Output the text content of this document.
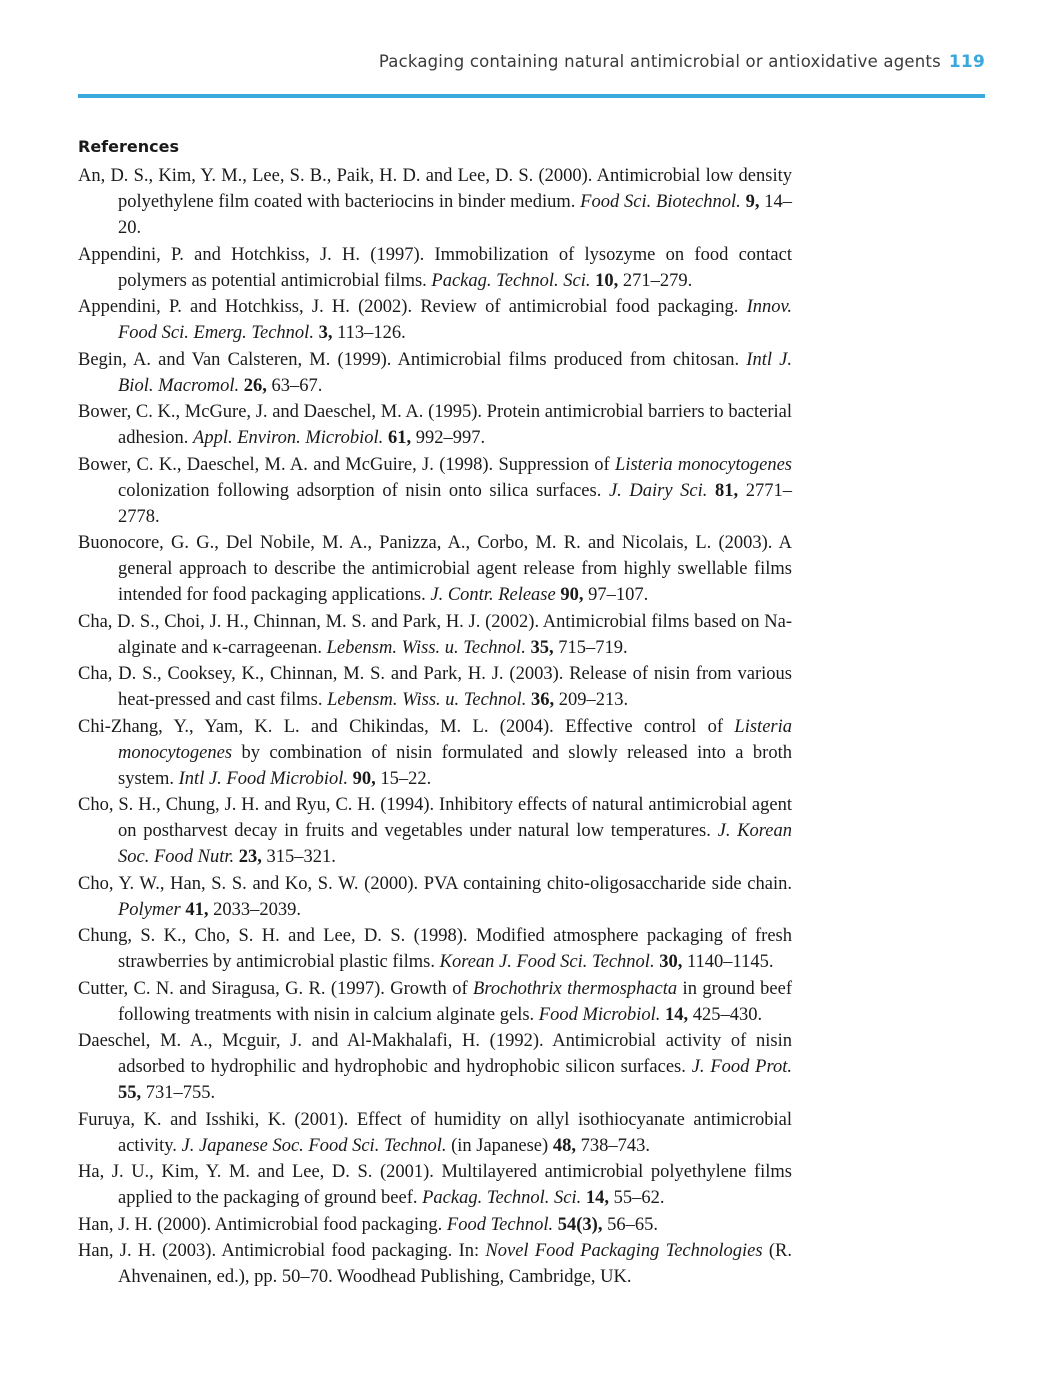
Packaging containing natural antimicrobial or antioxidative agents 119
References
An, D. S., Kim, Y. M., Lee, S. B., Paik, H. D. and Lee, D. S. (2000). Antimicrobial low density polyethylene film coated with bacteriocins in binder medium. Food Sci. Biotechnol. 9, 14–20.
Appendini, P. and Hotchkiss, J. H. (1997). Immobilization of lysozyme on food contact polymers as potential antimicrobial films. Packag. Technol. Sci. 10, 271–279.
Appendini, P. and Hotchkiss, J. H. (2002). Review of antimicrobial food packaging. Innov. Food Sci. Emerg. Technol. 3, 113–126.
Begin, A. and Van Calsteren, M. (1999). Antimicrobial films produced from chitosan. Intl J. Biol. Macromol. 26, 63–67.
Bower, C. K., McGure, J. and Daeschel, M. A. (1995). Protein antimicrobial barriers to bacterial adhesion. Appl. Environ. Microbiol. 61, 992–997.
Bower, C. K., Daeschel, M. A. and McGuire, J. (1998). Suppression of Listeria monocytogenes colonization following adsorption of nisin onto silica surfaces. J. Dairy Sci. 81, 2771–2778.
Buonocore, G. G., Del Nobile, M. A., Panizza, A., Corbo, M. R. and Nicolais, L. (2003). A general approach to describe the antimicrobial agent release from highly swellable films intended for food packaging applications. J. Contr. Release 90, 97–107.
Cha, D. S., Choi, J. H., Chinnan, M. S. and Park, H. J. (2002). Antimicrobial films based on Na-alginate and κ-carrageenan. Lebensm. Wiss. u. Technol. 35, 715–719.
Cha, D. S., Cooksey, K., Chinnan, M. S. and Park, H. J. (2003). Release of nisin from various heat-pressed and cast films. Lebensm. Wiss. u. Technol. 36, 209–213.
Chi-Zhang, Y., Yam, K. L. and Chikindas, M. L. (2004). Effective control of Listeria monocytogenes by combination of nisin formulated and slowly released into a broth system. Intl J. Food Microbiol. 90, 15–22.
Cho, S. H., Chung, J. H. and Ryu, C. H. (1994). Inhibitory effects of natural antimicrobial agent on postharvest decay in fruits and vegetables under natural low temperatures. J. Korean Soc. Food Nutr. 23, 315–321.
Cho, Y. W., Han, S. S. and Ko, S. W. (2000). PVA containing chito-oligosaccharide side chain. Polymer 41, 2033–2039.
Chung, S. K., Cho, S. H. and Lee, D. S. (1998). Modified atmosphere packaging of fresh strawberries by antimicrobial plastic films. Korean J. Food Sci. Technol. 30, 1140–1145.
Cutter, C. N. and Siragusa, G. R. (1997). Growth of Brochothrix thermosphacta in ground beef following treatments with nisin in calcium alginate gels. Food Microbiol. 14, 425–430.
Daeschel, M. A., Mcguir, J. and Al-Makhalafi, H. (1992). Antimicrobial activity of nisin adsorbed to hydrophilic and hydrophobic and hydrophobic silicon surfaces. J. Food Prot. 55, 731–755.
Furuya, K. and Isshiki, K. (2001). Effect of humidity on allyl isothiocyanate antimicrobial activity. J. Japanese Soc. Food Sci. Technol. (in Japanese) 48, 738–743.
Ha, J. U., Kim, Y. M. and Lee, D. S. (2001). Multilayered antimicrobial polyethylene films applied to the packaging of ground beef. Packag. Technol. Sci. 14, 55–62.
Han, J. H. (2000). Antimicrobial food packaging. Food Technol. 54(3), 56–65.
Han, J. H. (2003). Antimicrobial food packaging. In: Novel Food Packaging Technologies (R. Ahvenainen, ed.), pp. 50–70. Woodhead Publishing, Cambridge, UK.
